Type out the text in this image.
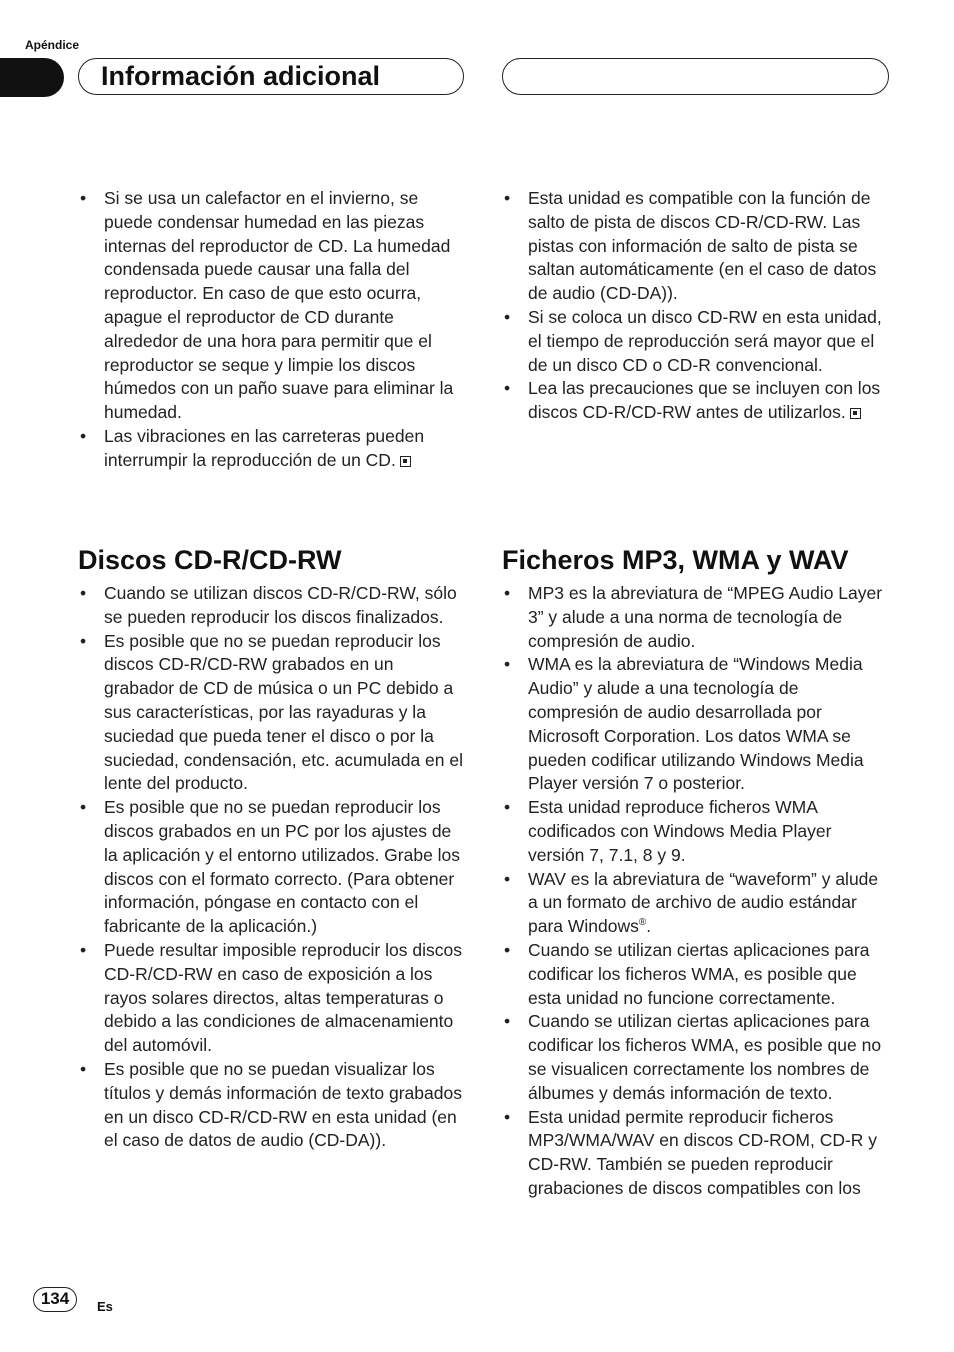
Apéndice
Información adicional
• Si se usa un calefactor en el invierno, se puede condensar humedad en las piezas internas del reproductor de CD. La humedad condensada puede causar una falla del reproductor. En caso de que esto ocurra, apague el reproductor de CD durante alrededor de una hora para permitir que el reproductor se seque y limpie los discos húmedos con un paño suave para eliminar la humedad.
• Las vibraciones en las carreteras pueden interrumpir la reproducción de un CD.
• Esta unidad es compatible con la función de salto de pista de discos CD-R/CD-RW. Las pistas con información de salto de pista se saltan automáticamente (en el caso de datos de audio (CD-DA)).
• Si se coloca un disco CD-RW en esta unidad, el tiempo de reproducción será mayor que el de un disco CD o CD-R convencional.
• Lea las precauciones que se incluyen con los discos CD-R/CD-RW antes de utilizarlos.
Discos CD-R/CD-RW
• Cuando se utilizan discos CD-R/CD-RW, sólo se pueden reproducir los discos finalizados.
• Es posible que no se puedan reproducir los discos CD-R/CD-RW grabados en un grabador de CD de música o un PC debido a sus características, por las rayaduras y la suciedad que pueda tener el disco o por la suciedad, condensación, etc. acumulada en el lente del producto.
• Es posible que no se puedan reproducir los discos grabados en un PC por los ajustes de la aplicación y el entorno utilizados. Grabe los discos con el formato correcto. (Para obtener información, póngase en contacto con el fabricante de la aplicación.)
• Puede resultar imposible reproducir los discos CD-R/CD-RW en caso de exposición a los rayos solares directos, altas temperaturas o debido a las condiciones de almacenamiento del automóvil.
• Es posible que no se puedan visualizar los títulos y demás información de texto grabados en un disco CD-R/CD-RW en esta unidad (en el caso de datos de audio (CD-DA)).
Ficheros MP3, WMA y WAV
• MP3 es la abreviatura de “MPEG Audio Layer 3” y alude a una norma de tecnología de compresión de audio.
• WMA es la abreviatura de “Windows Media Audio” y alude a una tecnología de compresión de audio desarrollada por Microsoft Corporation. Los datos WMA se pueden codificar utilizando Windows Media Player versión 7 o posterior.
• Esta unidad reproduce ficheros WMA codificados con Windows Media Player versión 7, 7.1, 8 y 9.
• WAV es la abreviatura de “waveform” y alude a un formato de archivo de audio estándar para Windows®.
• Cuando se utilizan ciertas aplicaciones para codificar los ficheros WMA, es posible que esta unidad no funcione correctamente.
• Cuando se utilizan ciertas aplicaciones para codificar los ficheros WMA, es posible que no se visualicen correctamente los nombres de álbumes y demás información de texto.
• Esta unidad permite reproducir ficheros MP3/WMA/WAV en discos CD-ROM, CD-R y CD-RW. También se pueden reproducir grabaciones de discos compatibles con los
134	Es
